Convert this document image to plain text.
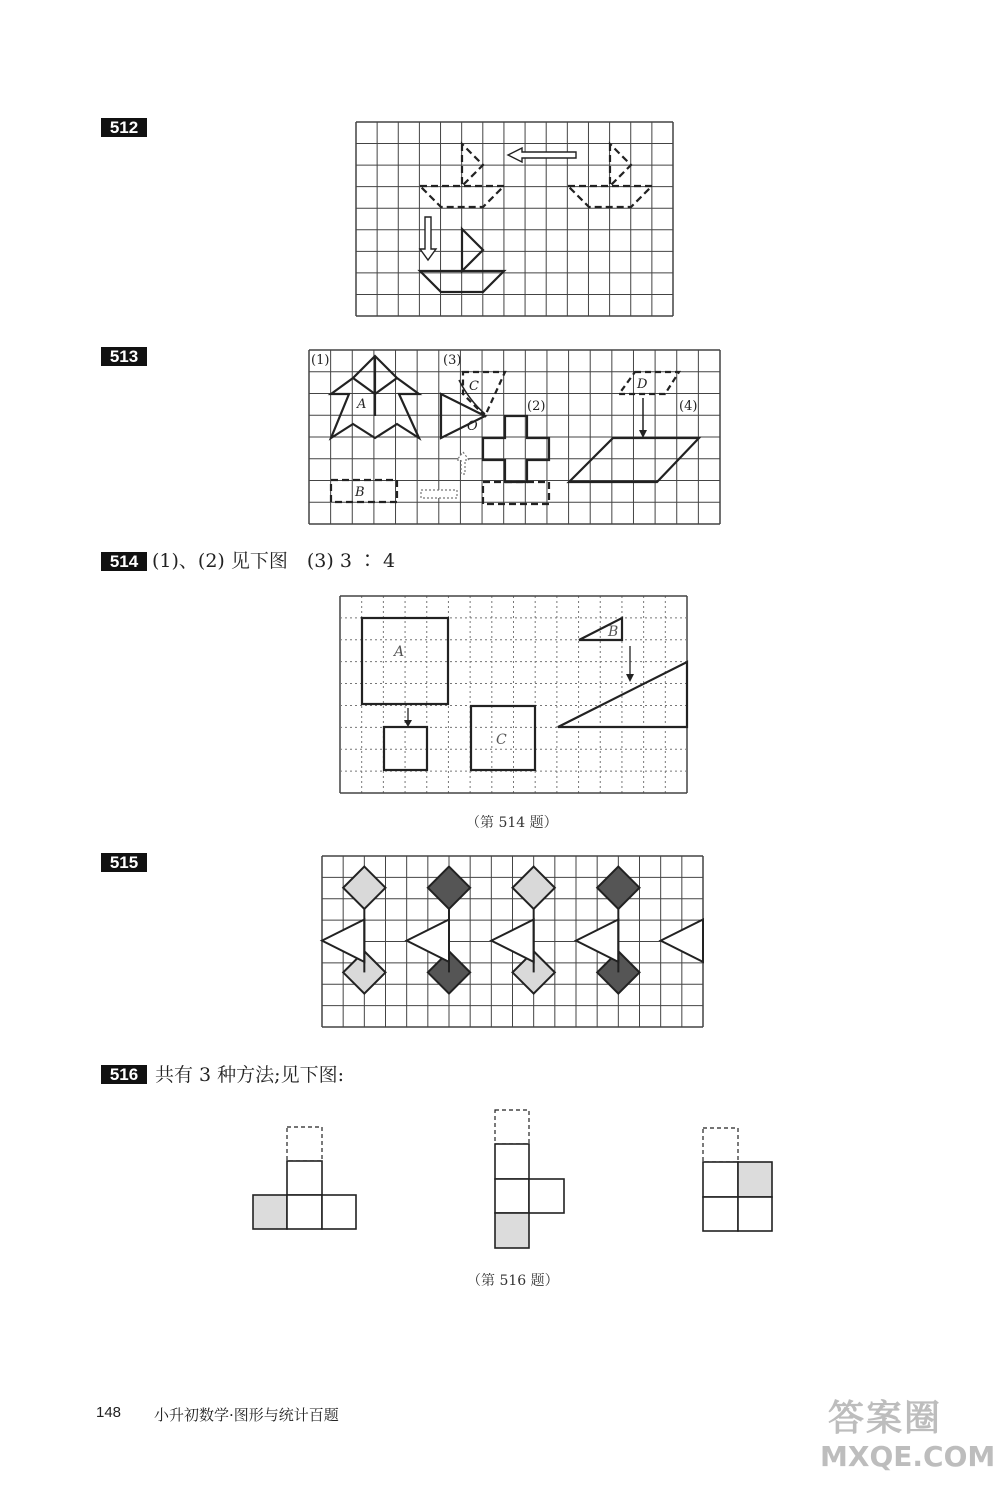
512
513	(1)	(3)
(2)	(4)
A
B
C
O
D
514 (1)、(2) 见下图　(3) 3 ∶ 4
A
B
C
（第 514 题）
515
516 共有 3 种方法;见下图:
（第 516 题）
148 小升初数学·图形与统计百题	答案圈
MXQE.COM
